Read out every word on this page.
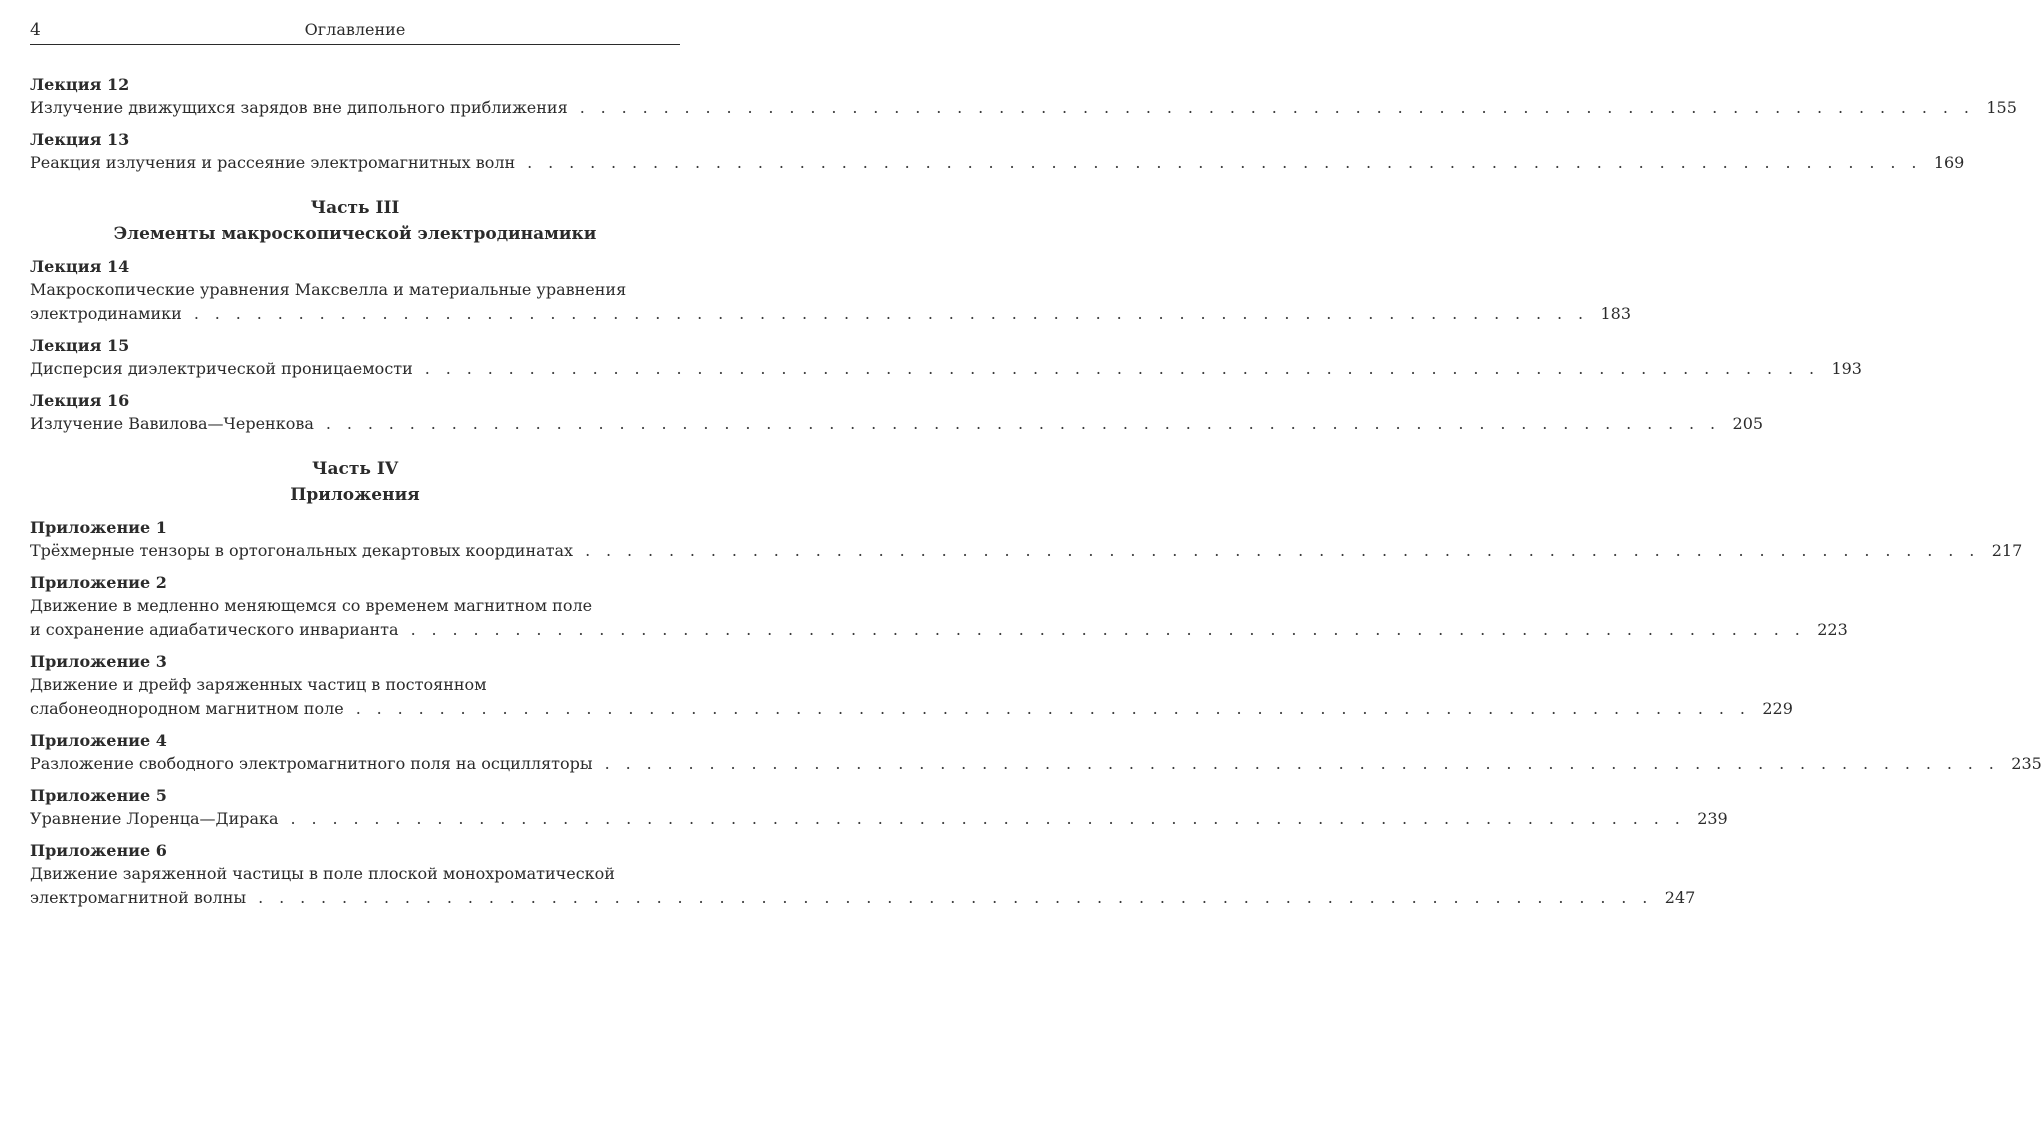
4	Оглавление
Лекция 12
Излучение движущихся зарядов вне дипольного приближения . . . . . . . . . . . . . . . . . . . . . . . . . . . . . . . . . . . . . . . . . . . . . . . . . . . . . . . . . . . . . . . . . . . 155
Лекция 13
Реакция излучения и рассеяние электромагнитных волн . . . . . . . . . . . . . . . . . . . . . . . . . . . . . . . . . . . . . . . . . . . . . . . . . . . . . . . . . . . . . . . . . . . 169
Часть III
Элементы макроскопической электродинамики
Лекция 14
Макроскопические уравнения Максвелла и материальные уравнения
электродинамики . . . . . . . . . . . . . . . . . . . . . . . . . . . . . . . . . . . . . . . . . . . . . . . . . . . . . . . . . . . . . . . . . . . 183
Лекция 15
Дисперсия диэлектрической проницаемости . . . . . . . . . . . . . . . . . . . . . . . . . . . . . . . . . . . . . . . . . . . . . . . . . . . . . . . . . . . . . . . . . . . 193
Лекция 16
Излучение Вавилова—Черенкова . . . . . . . . . . . . . . . . . . . . . . . . . . . . . . . . . . . . . . . . . . . . . . . . . . . . . . . . . . . . . . . . . . . 205
Часть IV
Приложения
Приложение 1
Трёхмерные тензоры в ортогональных декартовых координатах . . . . . . . . . . . . . . . . . . . . . . . . . . . . . . . . . . . . . . . . . . . . . . . . . . . . . . . . . . . . . . . . . . . 217
Приложение 2
Движение в медленно меняющемся со временем магнитном поле
и сохранение адиабатического инварианта . . . . . . . . . . . . . . . . . . . . . . . . . . . . . . . . . . . . . . . . . . . . . . . . . . . . . . . . . . . . . . . . . . . 223
Приложение 3
Движение и дрейф заряженных частиц в постоянном
слабонеоднородном магнитном поле . . . . . . . . . . . . . . . . . . . . . . . . . . . . . . . . . . . . . . . . . . . . . . . . . . . . . . . . . . . . . . . . . . . 229
Приложение 4
Разложение свободного электромагнитного поля на осцилляторы . . . . . . . . . . . . . . . . . . . . . . . . . . . . . . . . . . . . . . . . . . . . . . . . . . . . . . . . . . . . . . . . . . . 235
Приложение 5
Уравнение Лоренца—Дирака . . . . . . . . . . . . . . . . . . . . . . . . . . . . . . . . . . . . . . . . . . . . . . . . . . . . . . . . . . . . . . . . . . . 239
Приложение 6
Движение заряженной частицы в поле плоской монохроматической
электромагнитной волны . . . . . . . . . . . . . . . . . . . . . . . . . . . . . . . . . . . . . . . . . . . . . . . . . . . . . . . . . . . . . . . . . . . 247
